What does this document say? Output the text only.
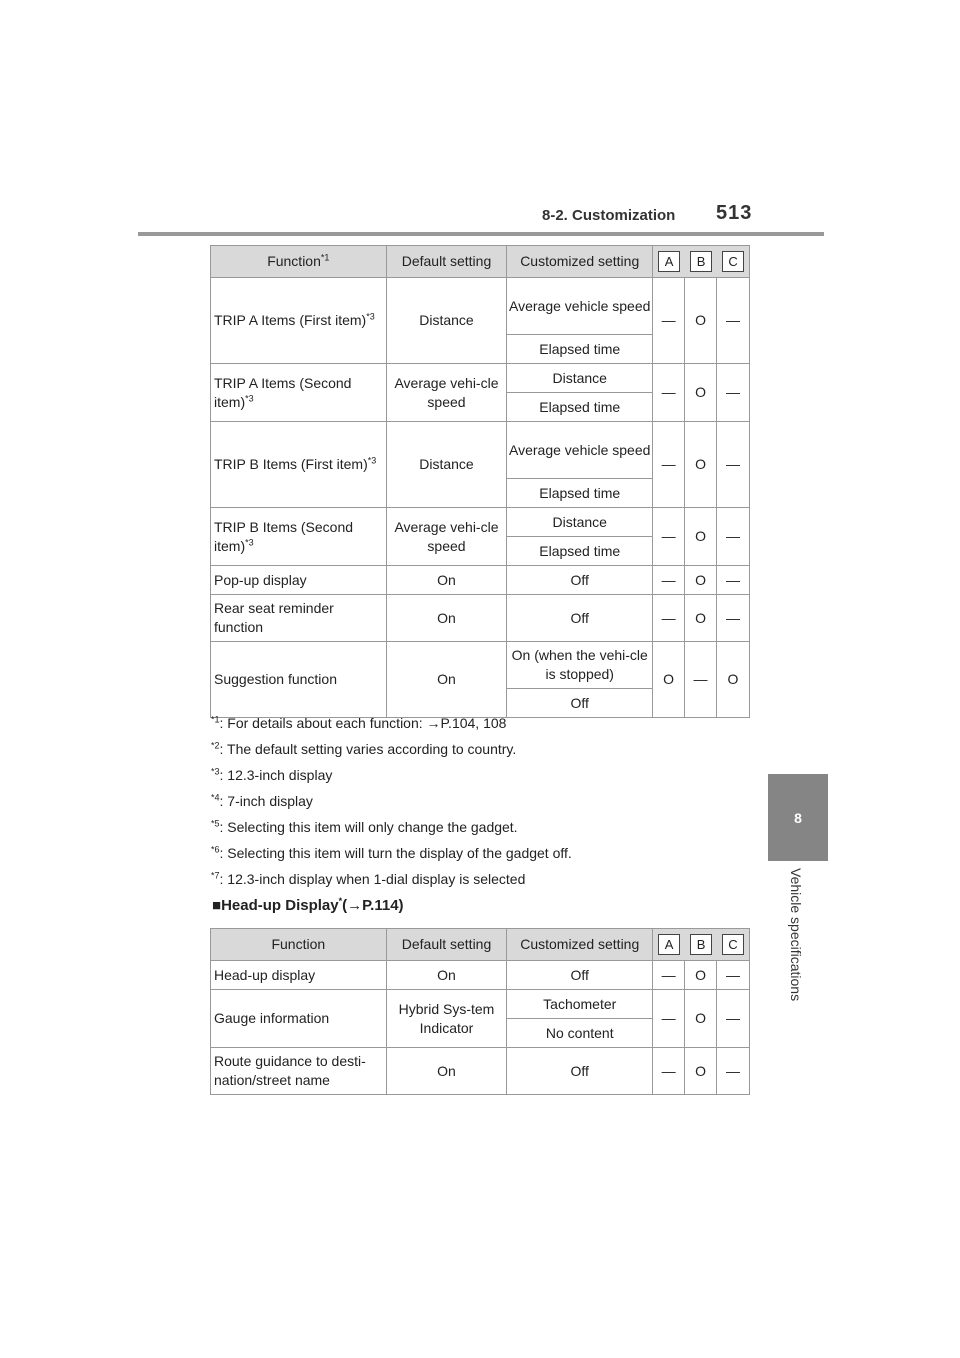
8-2. Customization 513
8
Vehicle specifications
Function$^{*1}$	Default setting	Customized setting	A B C		

TRIP A Items (First item)$^{*3}$	Distance	Average vehicle speed	—	O	—
		Elapsed time			
TRIP A Items (Second item)$^{*3}$	Average vehi-cle speed	Distance	—	O	—
		Elapsed time			
TRIP B Items (First item)$^{*3}$	Distance	Average vehicle speed	—	O	—
		Elapsed time			
TRIP B Items (Second item)$^{*3}$	Average vehi-cle speed	Distance	—	O	—
		Elapsed time			
Pop-up display	On	Off	—	O	—
Rear seat reminder function	On	Off	—	O	—
Suggestion function	On	On (when the vehi-cle is stopped)	O	—	O
		Off			
$^{*1}$: For details about each function: →P.104, 108
$^{*2}$: The default setting varies according to country.
$^{*3}$: 12.3-inch display
$^{*4}$: 7-inch display
$^{*5}$: Selecting this item will only change the gadget.
$^{*6}$: Selecting this item will turn the display of the gadget off.
$^{*7}$: 12.3-inch display when 1-dial display is selected
■Head-up Display*(→P.114)
Function	Default setting	Customized setting	A B C		

Head-up display	On	Off	—	O	—
Gauge information	Hybrid Sys-tem Indicator	Tachometer	—	O	—
		No content			
Route guidance to desti-nation/street name	On	Off	—	O	—
